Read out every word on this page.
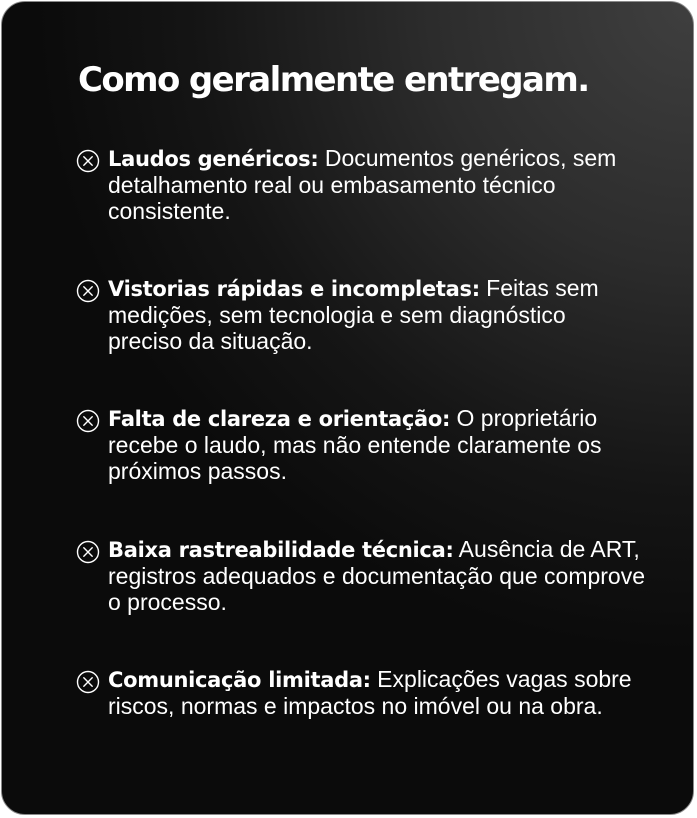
Como geralmente entregam.

Laudos genéricos: Documentos genéricos, sem detalhamento real ou embasamento técnico consistente.

Vistorias rápidas e incompletas: Feitas sem medições, sem tecnologia e sem diagnóstico preciso da situação.

Falta de clareza e orientação: O proprietário recebe o laudo, mas não entende claramente os próximos passos.

Baixa rastreabilidade técnica: Ausência de ART, registros adequados e documentação que comprove o processo.

Comunicação limitada: Explicações vagas sobre riscos, normas e impactos no imóvel ou na obra.
